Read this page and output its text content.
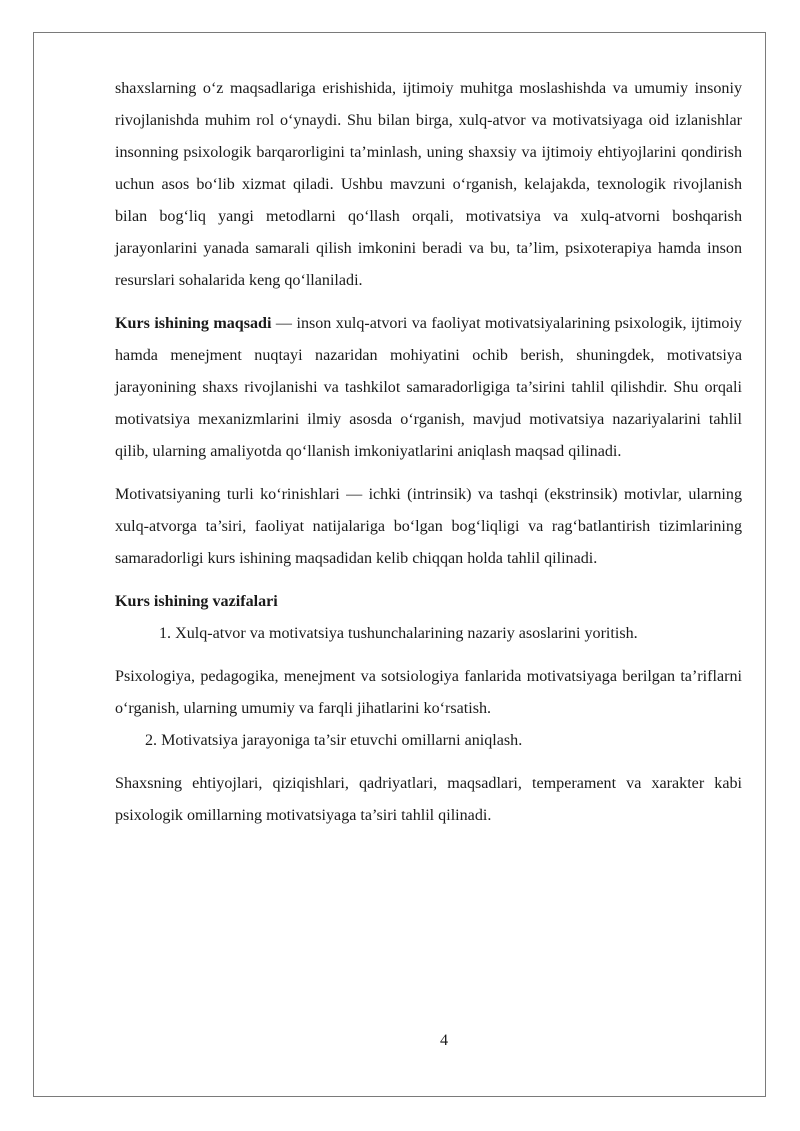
shaxslarning o‘z maqsadlariga erishishida, ijtimoiy muhitga moslashishda va umumiy insoniy rivojlanishda muhim rol o‘ynaydi. Shu bilan birga, xulq-atvor va motivatsiyaga oid izlanishlar insonning psixologik barqarorligini ta’minlash, uning shaxsiy va ijtimoiy ehtiyojlarini qondirish uchun asos bo‘lib xizmat qiladi. Ushbu mavzuni o‘rganish, kelajakda, texnologik rivojlanish bilan bog‘liq yangi metodlarni qo‘llash orqali, motivatsiya va xulq-atvorni boshqarish jarayonlarini yanada samarali qilish imkonini beradi va bu, ta’lim, psixoterapiya hamda inson resurslari sohalarida keng qo‘llaniladi.

Kurs ishining maqsadi — inson xulq-atvori va faoliyat motivatsiyalarining psixologik, ijtimoiy hamda menejment nuqtayi nazaridan mohiyatini ochib berish, shuningdek, motivatsiya jarayonining shaxs rivojlanishi va tashkilot samaradorligiga ta’sirini tahlil qilishdir. Shu orqali motivatsiya mexanizmlarini ilmiy asosda o‘rganish, mavjud motivatsiya nazariyalarini tahlil qilib, ularning amaliyotda qo‘llanish imkoniyatlarini aniqlash maqsad qilinadi.

Motivatsiyaning turli ko‘rinishlari — ichki (intrinsik) va tashqi (ekstrinsik) motivlar, ularning xulq-atvorga ta’siri, faoliyat natijalariga bo‘lgan bog‘liqligi va rag‘batlantirish tizimlarining samaradorligi kurs ishining maqsadidan kelib chiqqan holda tahlil qilinadi.

Kurs ishining vazifalari

1. Xulq-atvor va motivatsiya tushunchalarining nazariy asoslarini yoritish.

Psixologiya, pedagogika, menejment va sotsiologiya fanlarida motivatsiyaga berilgan ta’riflarni o‘rganish, ularning umumiy va farqli jihatlarini ko‘rsatish.

2. Motivatsiya jarayoniga ta’sir etuvchi omillarni aniqlash.

Shaxsning ehtiyojlari, qiziqishlari, qadriyatlari, maqsadlari, temperament va xarakter kabi psixologik omillarning motivatsiyaga ta’siri tahlil qilinadi.

4
